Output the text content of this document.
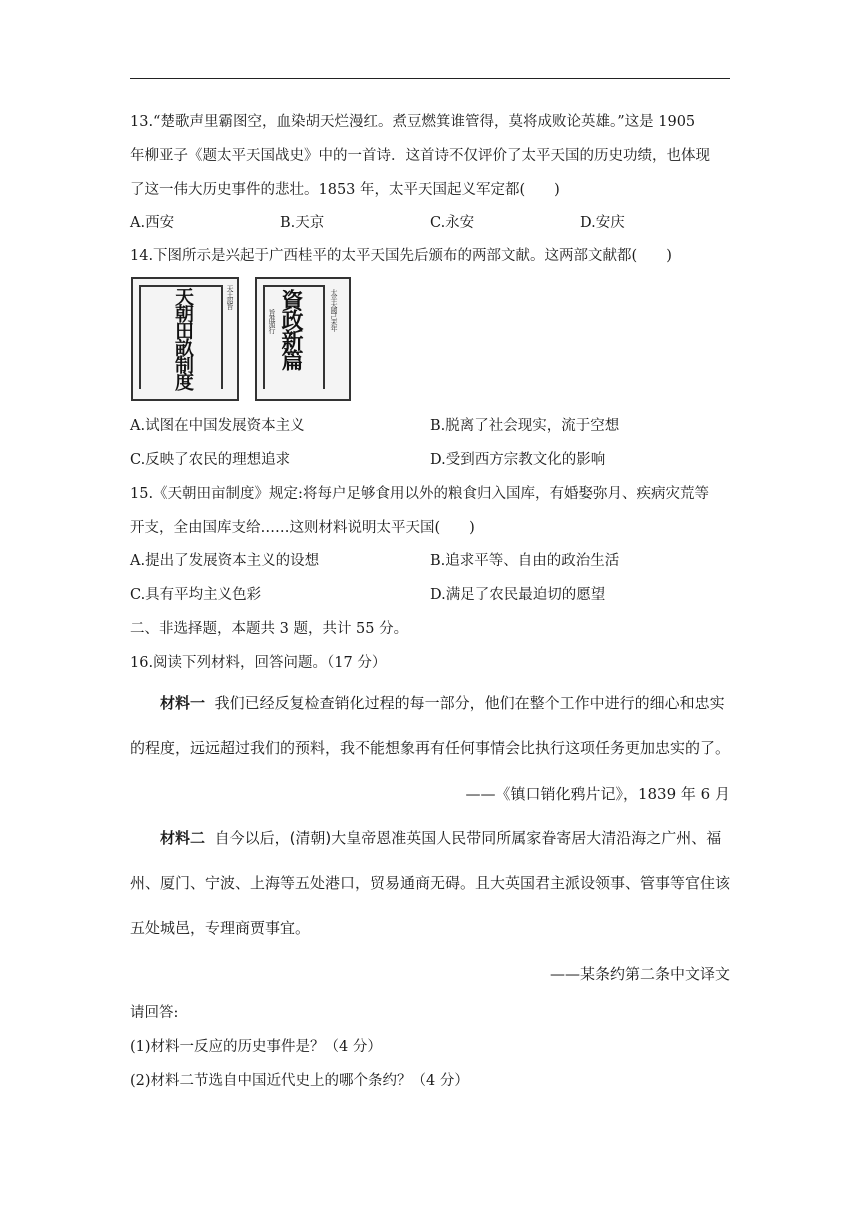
13.“楚歌声里霸图空，血染胡天烂漫红。煮豆燃箕谁管得，莫将成败论英雄。”这是 1905
年柳亚子《题太平天国战史》中的一首诗．这首诗不仅评价了太平天国的历史功绩，也体现
了这一伟大历史事件的悲壮。1853 年，太平天国起义军定都(　　)
A.西安	B.天京	C.永安	D.安庆
14.下图所示是兴起于广西桂平的太平天国先后颁布的两部文献。这两部文献都(　　)
天王詔旨
天朝田畝制度	旨准頒行	太平天國己未年
資政新篇
A.试图在中国发展资本主义	B.脱离了社会现实，流于空想
C.反映了农民的理想追求	D.受到西方宗教文化的影响
15.《天朝田亩制度》规定:将每户足够食用以外的粮食归入国库，有婚娶弥月、疾病灾荒等
开支，全由国库支给……这则材料说明太平天国(　　)
A.提出了发展资本主义的设想	B.追求平等、自由的政治生活
C.具有平均主义色彩	D.满足了农民最迫切的愿望
二、非选择题，本题共 3 题，共计 55 分。
16.阅读下列材料，回答问题。（17 分）
材料一 我们已经反复检查销化过程的每一部分，他们在整个工作中进行的细心和忠实
的程度，远远超过我们的预料，我不能想象再有任何事情会比执行这项任务更加忠实的了。
——《镇口销化鸦片记》，1839 年 6 月
材料二 自今以后，(清朝)大皇帝恩准英国人民带同所属家眷寄居大清沿海之广州、福
州、厦门、宁波、上海等五处港口，贸易通商无碍。且大英国君主派设领事、管事等官住该
五处城邑，专理商贾事宜。
——某条约第二条中文译文
请回答:
(1)材料一反应的历史事件是？（4 分）
(2)材料二节选自中国近代史上的哪个条约？（4 分）
